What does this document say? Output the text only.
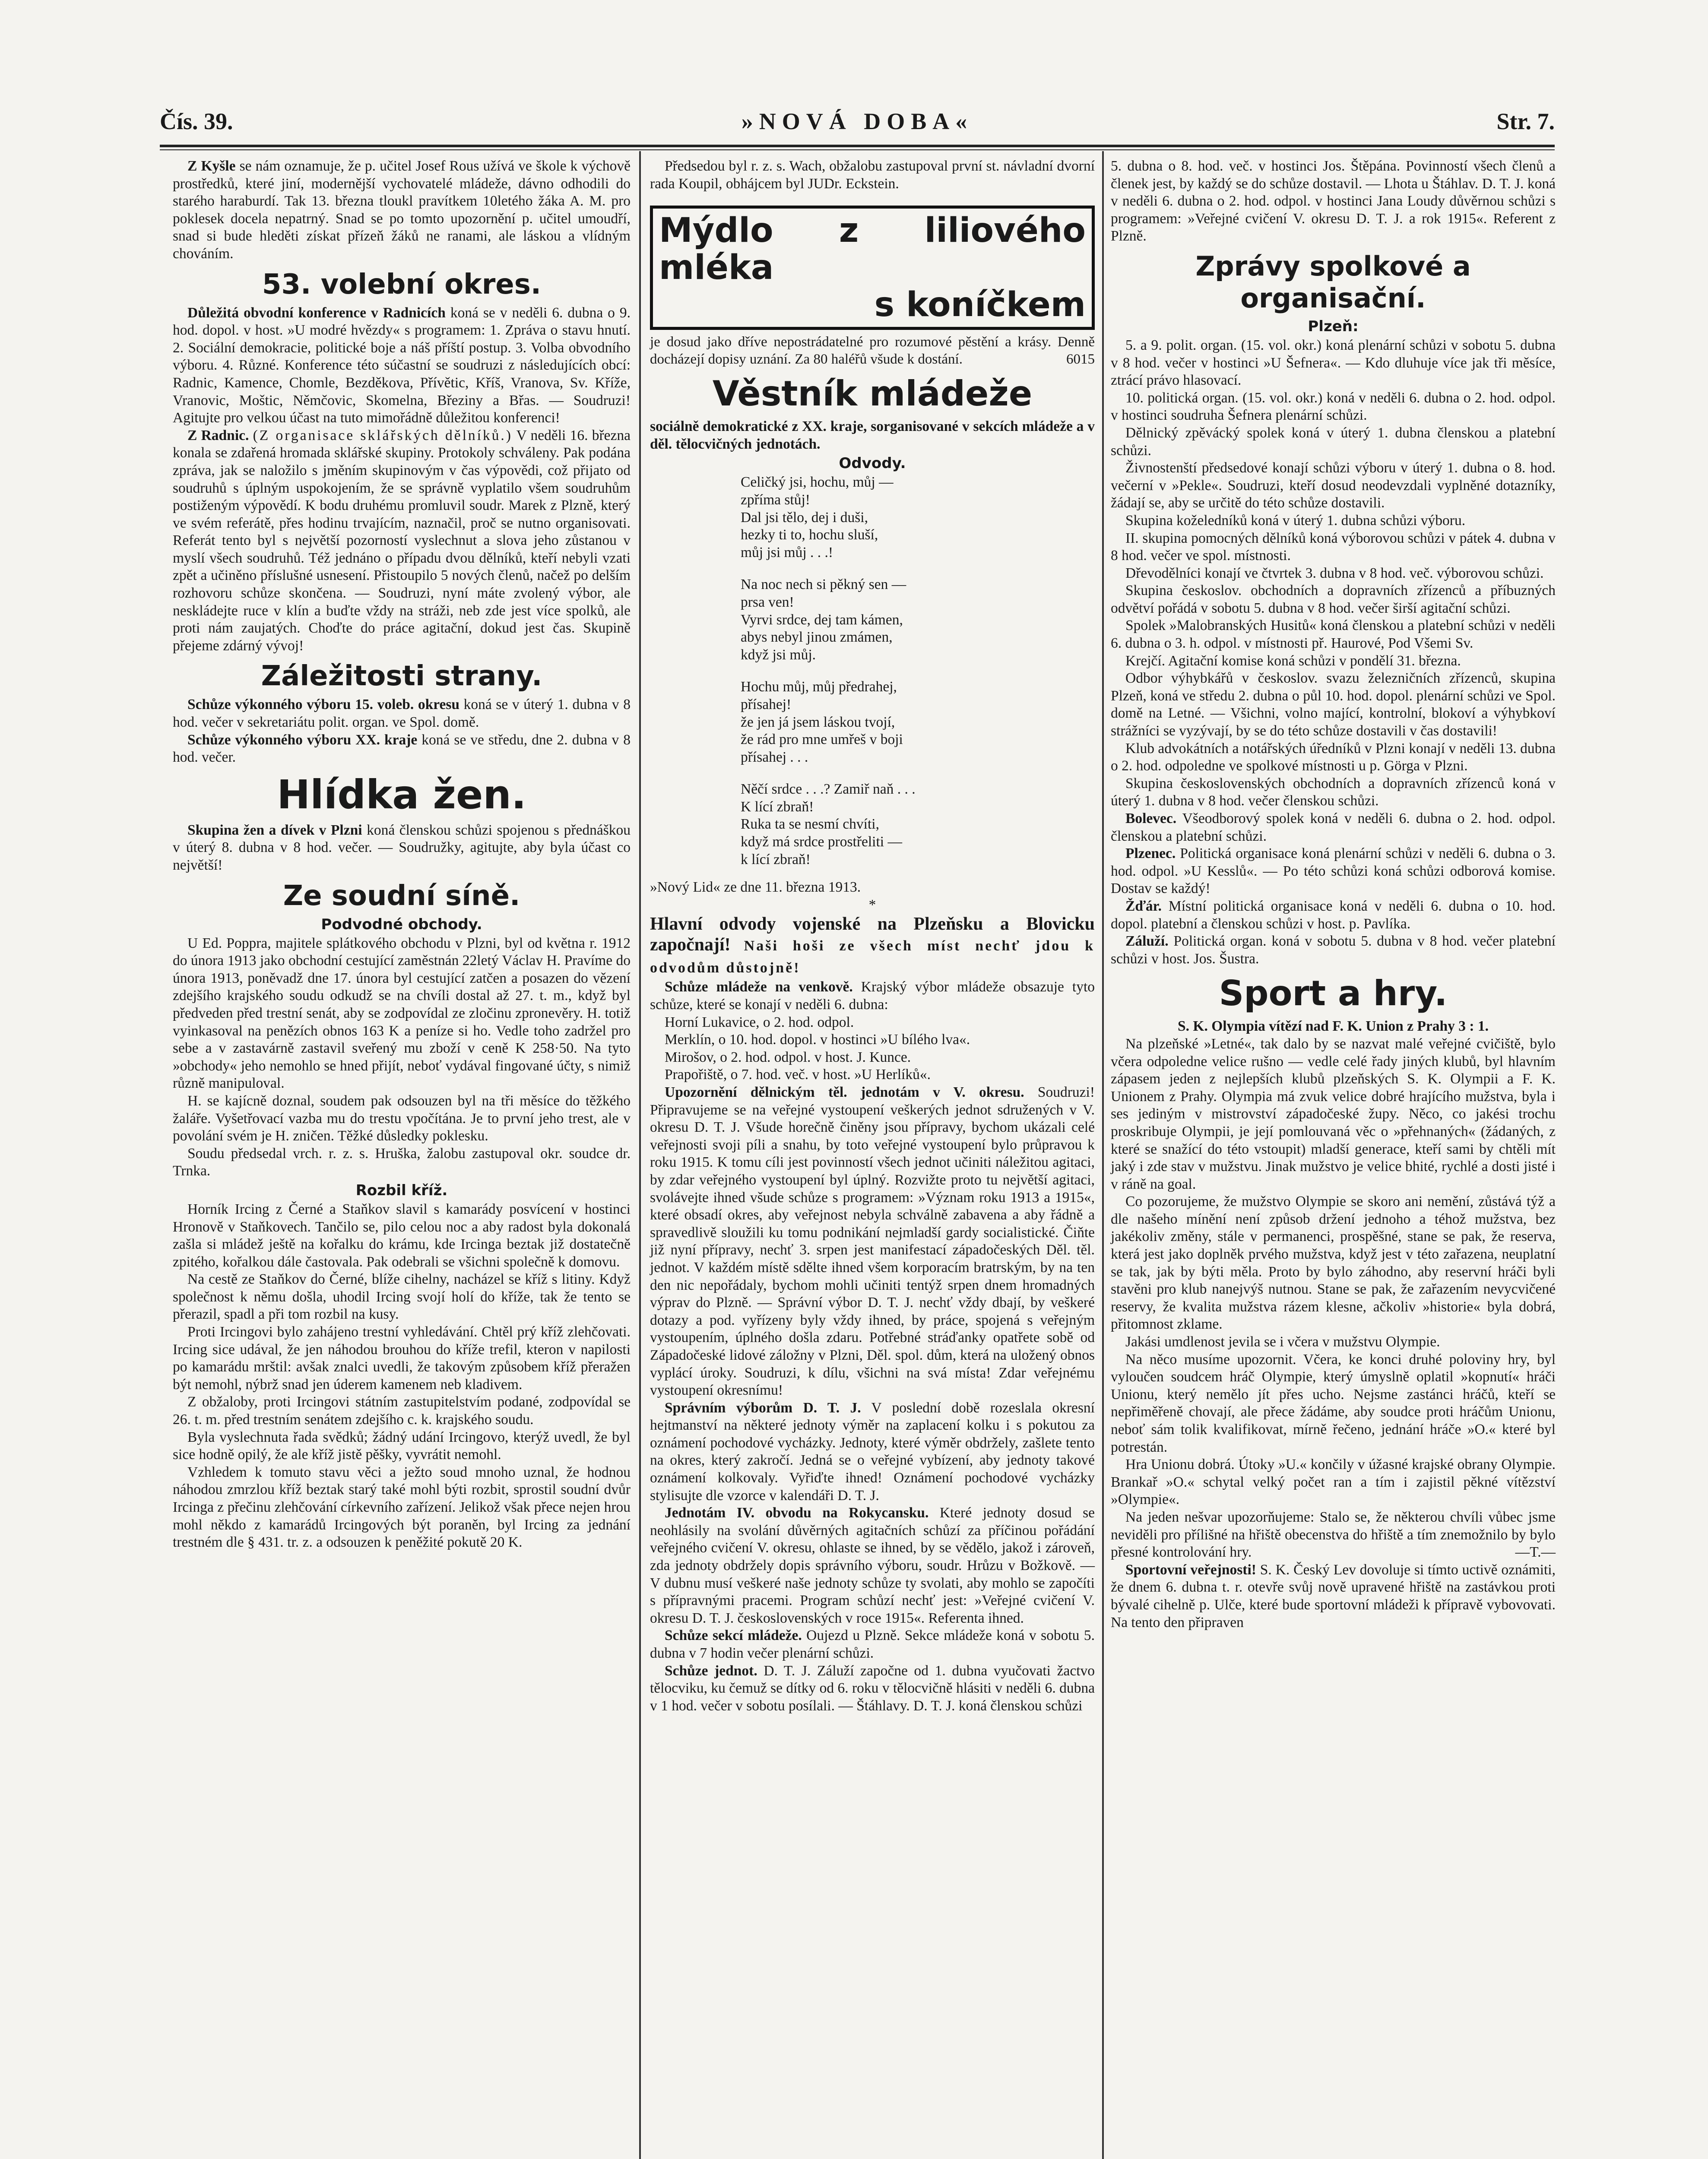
Čís. 39.	»NOVÁ DOBA«	Str. 7.

Z Kyšle se nám oznamuje, že p. učitel Josef Rous užívá ve škole k výchově prostředků, které jiní, modernější vychovatelé mládeže, dávno odhodili do starého haraburdí. Tak 13. března tloukl pravítkem 10letého žáka A. M. pro poklesek docela nepatrný. Snad se po tomto upozornění p. učitel umoudří, snad si bude hleděti získat přízeň žáků ne ranami, ale láskou a vlídným chováním.

53. volební okres.

Důležitá obvodní konference v Radnicích koná se v neděli 6. dubna o 9. hod. dopol. v host. »U modré hvězdy« s programem: 1. Zpráva o stavu hnutí. 2. Sociální demokracie, politické boje a náš příští postup. 3. Volba obvodního výboru. 4. Různé. Konference této súčastní se soudruzi z následujících obcí: Radnic, Kamence, Chomle, Bezděkova, Přívětic, Kříš, Vranova, Sv. Kříže, Vranovic, Moštic, Němčovic, Skomelna, Březiny a Břas. — Soudruzi! Agitujte pro velkou účast na tuto mimořádně důležitou konferenci!

Z Radnic. (Z organisace sklářských dělníků.) V neděli 16. března konala se zdařená hromada sklářské skupiny. Protokoly schváleny. Pak podána zpráva, jak se naložilo s jměním skupinovým v čas výpovědi, což přijato od soudruhů s úplným uspokojením, že se správně vyplatilo všem soudruhům postiženým výpovědí. K bodu druhému promluvil soudr. Marek z Plzně, který ve svém referátě, přes hodinu trvajícím, naznačil, proč se nutno organisovati. Referát tento byl s největší pozorností vyslechnut a slova jeho zůstanou v myslí všech soudruhů. Též jednáno o případu dvou dělníků, kteří nebyli vzati zpět a učiněno příslušné usnesení. Přistoupilo 5 nových členů, načež po delším rozhovoru schůze skončena. — Soudruzi, nyní máte zvolený výbor, ale neskládejte ruce v klín a buďte vždy na stráži, neb zde jest více spolků, ale proti nám zaujatých. Choďte do práce agitační, dokud jest čas. Skupině přejeme zdárný vývoj!

Záležitosti strany.

Schůze výkonného výboru 15. voleb. okresu koná se v úterý 1. dubna v 8 hod. večer v sekretariátu polit. organ. ve Spol. domě.

Schůze výkonného výboru XX. kraje koná se ve středu, dne 2. dubna v 8 hod. večer.

Hlídka žen.

Skupina žen a dívek v Plzni koná členskou schůzi spojenou s přednáškou v úterý 8. dubna v 8 hod. večer. — Soudružky, agitujte, aby byla účast co největší!

Ze soudní síně.
Podvodné obchody.

U Ed. Poppra, majitele splátkového obchodu v Plzni, byl od května r. 1912 do února 1913 jako obchodní cestující zaměstnán 22letý Václav H. Pravíme do února 1913, poněvadž dne 17. února byl cestující zatčen a posazen do vězení zdejšího krajského soudu odkudž se na chvíli dostal až 27. t. m., když byl předveden před trestní senát, aby se zodpovídal ze zločinu zpronevěry. H. totiž vyinkasoval na penězích obnos 163 K a peníze si ho. Vedle toho zadržel pro sebe a v zastavárně zastavil sveřený mu zboží v ceně K 258·50. Na tyto »obchody« jeho nemohlo se hned přijít, neboť vydával fingované účty, s nimiž různě manipuloval.

H. se kajícně doznal, soudem pak odsouzen byl na tři měsíce do těžkého žaláře. Vyšetřovací vazba mu do trestu vpočítána. Je to první jeho trest, ale v povolání svém je H. zničen. Těžké důsledky poklesku.

Soudu předsedal vrch. r. z. s. Hruška, žalobu zastupoval okr. soudce dr. Trnka.

Rozbil kříž.

Horník Ircing z Černé a Staňkov slavil s kamarády posvícení v hostinci Hronově v Staňkovech. Tančilo se, pilo celou noc a aby radost byla dokonalá zašla si mládež ještě na kořalku do krámu, kde Ircinga beztak již dostatečně zpitého, kořalkou dále častovala. Pak odebrali se všichni společně k domovu.

Na cestě ze Staňkov do Černé, blíže cihelny, nacházel se kříž s litiny. Když společnost k němu došla, uhodil Ircing svojí holí do kříže, tak že tento se přerazil, spadl a při tom rozbil na kusy.

Proti Ircingovi bylo zahájeno trestní vyhledávání. Chtěl prý kříž zlehčovati. Ircing sice udával, že jen náhodou brouhou do kříže trefil, kteron v napilosti po kamarádu mrštil: avšak znalci uvedli, že takovým způsobem kříž přeražen být nemohl, nýbrž snad jen úderem kamenem neb kladivem.

Z obžaloby, proti Ircingovi státním zastupitelstvím podané, zodpovídal se 26. t. m. před trestním senátem zdejšího c. k. krajského soudu.

Byla vyslechnuta řada svědků; žádný udání Ircingovo, kterýž uvedl, že byl sice hodně opilý, že ale kříž jistě pěšky, vyvrátit nemohl.

Vzhledem k tomuto stavu věci a ježto soud mnoho uznal, že hodnou náhodou zmrzlou kříž beztak starý také mohl býti rozbit, sprostil soudní dvůr Ircinga z přečinu zlehčování církevního zařízení. Jelikož však přece nejen hrou mohl někdo z kamarádů Ircingových být poraněn, byl Ircing za jednání trestném dle § 431. tr. z. a odsouzen k peněžité pokutě 20 K.

Předsedou byl r. z. s. Wach, obžalobu zastupoval první st. návladní dvorní rada Koupil, obhájcem byl JUDr. Eckstein.

Mýdlo z liliového mléka
s koníčkem

je dosud jako dříve nepostrádatelné pro rozumové pěstění a krásy. Denně docházejí dopisy uznání. Za 80 haléřů všude k dostání.	6015

Věstník mládeže

sociálně demokratické z XX. kraje, sorganisované v sekcích mládeže a v děl. tělocvičných jednotách.

Odvody.

Celičký jsi, hochu, můj —

zpříma stůj!

Dal jsi tělo, dej i duši,

hezky ti to, hochu sluší,

můj jsi můj . . .!

Na noc nech si pěkný sen —

prsa ven!

Vyrvi srdce, dej tam kámen,

abys nebyl jinou zmámen,

když jsi můj.

Hochu můj, můj předrahej,

přísahej!

že jen já jsem láskou tvojí,

že rád pro mne umřeš v boji

přísahej . . .

Něčí srdce . . .? Zamiř naň . . .

K lící zbraň!

Ruka ta se nesmí chvíti,

když má srdce prostřeliti —

k lící zbraň!

»Nový Lid« ze dne 11. března 1913.

*

Hlavní odvody vojenské na Plzeňsku a Blovicku započnají! Naši hoši ze všech míst nechť jdou k odvodům důstojně!

Schůze mládeže na venkově. Krajský výbor mládeže obsazuje tyto schůze, které se konají v neděli 6. dubna:

Horní Lukavice, o 2. hod. odpol.

Merklín, o 10. hod. dopol. v hostinci »U bílého lva«.

Mirošov, o 2. hod. odpol. v host. J. Kunce.

Prapořiště, o 7. hod. več. v host. »U Herlíků«.

Upozornění dělnickým těl. jednotám v V. okresu. Soudruzi! Připravujeme se na veřejné vystoupení veškerých jednot sdružených v V. okresu D. T. J. Všude horečně činěny jsou přípravy, bychom ukázali celé veřejnosti svoji píli a snahu, by toto veřejné vystoupení bylo průpravou k roku 1915. K tomu cíli jest povinností všech jednot učiniti náležitou agitaci, by zdar veřejného vystoupení byl úplný. Rozvižte proto tu největší agitaci, svolávejte ihned všude schůze s programem: »Význam roku 1913 a 1915«, které obsadí okres, aby veřejnost nebyla schválně zabavena a aby řádně a spravedlivě sloužili ku tomu podnikání nejmladší gardy socialistické. Čiňte již nyní přípravy, nechť 3. srpen jest manifestací západočeských Děl. těl. jednot. V každém místě sdělte ihned všem korporacím bratrským, by na ten den nic nepořádaly, bychom mohli učiniti tentýž srpen dnem hromadných výprav do Plzně. — Správní výbor D. T. J. nechť vždy dbají, by veškeré dotazy a pod. vyřízeny byly vždy ihned, by práce, spojená s veřejným vystoupením, úplného došla zdaru. Potřebné stráďanky opatřete sobě od Západočeské lidové záložny v Plzni, Děl. spol. dům, která na uložený obnos vyplácí úroky. Soudruzi, k dílu, všichni na svá místa! Zdar veřejnému vystoupení okresnímu!

Správním výborům D. T. J. V poslední době rozeslala okresní hejtmanství na některé jednoty výměr na zaplacení kolku i s pokutou za oznámení pochodové vycházky. Jednoty, které výměr obdržely, zašlete tento na okres, který zakročí. Jedná se o veřejné vybízení, aby jednoty takové oznámení kolkovaly. Vyřiďte ihned! Oznámení pochodové vycházky stylisujte dle vzorce v kalendáři D. T. J.

Jednotám IV. obvodu na Rokycansku. Které jednoty dosud se neohlásily na svolání důvěrných agitačních schůzí za příčinou pořádání veřejného cvičení V. okresu, ohlaste se ihned, by se vědělo, jakož i zároveň, zda jednoty obdržely dopis správního výboru, soudr. Hrůzu v Božkově. — V dubnu musí veškeré naše jednoty schůze ty svolati, aby mohlo se započíti s přípravnými pracemi. Program schůzí nechť jest: »Veřejné cvičení V. okresu D. T. J. československých v roce 1915«. Referenta ihned.

Schůze sekcí mládeže. Oujezd u Plzně. Sekce mládeže koná v sobotu 5. dubna v 7 hodin večer plenární schůzi.

Schůze jednot. D. T. J. Záluží započne od 1. dubna vyučovati žactvo tělocviku, ku čemuž se dítky od 6. roku v tělocvičně hlásiti v neděli 6. dubna v 1 hod. večer v sobotu posílali. — Štáhlavy. D. T. J. koná členskou schůzi

5. dubna o 8. hod. več. v hostinci Jos. Štěpána. Povinností všech členů a členek jest, by každý se do schůze dostavil. — Lhota u Štáhlav. D. T. J. koná v neděli 6. dubna o 2. hod. odpol. v hostinci Jana Loudy důvěrnou schůzi s programem: »Veřejné cvičení V. okresu D. T. J. a rok 1915«. Referent z Plzně.

Zprávy spolkové a organisační.
Plzeň:

5. a 9. polit. organ. (15. vol. okr.) koná plenární schůzi v sobotu 5. dubna v 8 hod. večer v hostinci »U Šefnera«. — Kdo dluhuje více jak tři měsíce, ztrácí právo hlasovací.

10. politická organ. (15. vol. okr.) koná v neděli 6. dubna o 2. hod. odpol. v hostinci soudruha Šefnera plenární schůzi.

Dělnický zpěvácký spolek koná v úterý 1. dubna členskou a platební schůzi.

Živnostenští předsedové konají schůzi výboru v úterý 1. dubna o 8. hod. večerní v »Pekle«. Soudruzi, kteří dosud neodevzdali vyplněné dotazníky, žádají se, aby se určitě do této schůze dostavili.

Skupina koželedníků koná v úterý 1. dubna schůzi výboru.

II. skupina pomocných dělníků koná výborovou schůzi v pátek 4. dubna v 8 hod. večer ve spol. místnosti.

Dřevodělníci konají ve čtvrtek 3. dubna v 8 hod. več. výborovou schůzi.

Skupina českoslov. obchodních a dopravních zřízenců a příbuzných odvětví pořádá v sobotu 5. dubna v 8 hod. večer širší agitační schůzi.

Spolek »Malobranských Husitů« koná členskou a platební schůzi v neděli 6. dubna o 3. h. odpol. v místnosti př. Haurové, Pod Všemi Sv.

Krejčí. Agitační komise koná schůzi v pondělí 31. března.

Odbor výhybkářů v českoslov. svazu železničních zřízenců, skupina Plzeň, koná ve středu 2. dubna o půl 10. hod. dopol. plenární schůzi ve Spol. domě na Letné. — Všichni, volno mající, kontrolní, blokoví a výhybkoví strážníci se vyzývají, by se do této schůze dostavili v čas dostavili!

Klub advokátních a notářských úředníků v Plzni konají v neděli 13. dubna o 2. hod. odpoledne ve spolkové místnosti u p. Görga v Plzni.

Skupina československých obchodních a dopravních zřízenců koná v úterý 1. dubna v 8 hod. večer členskou schůzi.

Bolevec. Všeodborový spolek koná v neděli 6. dubna o 2. hod. odpol. členskou a platební schůzi.

Plzenec. Politická organisace koná plenární schůzi v neděli 6. dubna o 3. hod. odpol. »U Kesslů«. — Po této schůzi koná schůzi odborová komise. Dostav se každý!

Žďár. Místní politická organisace koná v neděli 6. dubna o 10. hod. dopol. platební a členskou schůzi v host. p. Pavlíka.

Záluží. Politická organ. koná v sobotu 5. dubna v 8 hod. večer platební schůzi v host. Jos. Šustra.

Sport a hry.

S. K. Olympia vítězí nad F. K. Union z Prahy 3 : 1.

Na plzeňské »Letné«, tak dalo by se nazvat malé veřejné cvičiště, bylo včera odpoledne velice rušno — vedle celé řady jiných klubů, byl hlavním zápasem jeden z nejlepších klubů plzeňských S. K. Olympii a F. K. Unionem z Prahy. Olympia má zvuk velice dobré hrajícího mužstva, byla i ses jediným v mistrovství západočeské župy. Něco, co jakési trochu proskribuje Olympii, je její pomlouvaná věc o »přehnaných« (žádaných, z které se snažící do této vstoupit) mladší generace, kteří sami by chtěli mít jaký i zde stav v mužstvu. Jinak mužstvo je velice bhité, rychlé a dosti jisté i v ráně na goal.

Co pozorujeme, že mužstvo Olympie se skoro ani nemění, zůstává týž a dle našeho mínění není způsob držení jednoho a téhož mužstva, bez jakékoliv změny, stále v permanenci, prospěšné, stane se pak, že reserva, která jest jako doplněk prvého mužstva, když jest v této zařazena, neuplatní se tak, jak by býti měla. Proto by bylo záhodno, aby reservní hráči byli stavěni pro klub nanejvýš nutnou. Stane se pak, že zařazením nevycvičené reservy, že kvalita mužstva rázem klesne, ačkoliv »historie« byla dobrá, přitomnost zklame.

Jakási umdlenost jevila se i včera v mužstvu Olympie.

Na něco musíme upozornit. Včera, ke konci druhé poloviny hry, byl vyloučen soudcem hráč Olympie, který úmyslně oplatil »kopnutí« hráči Unionu, který nemělo jít přes ucho. Nejsme zastánci hráčů, kteří se nepřiměřeně chovají, ale přece žádáme, aby soudce proti hráčům Unionu, neboť sám tolik kvalifikovat, mírně řečeno, jednání hráče »O.« které byl potrestán.

Hra Unionu dobrá. Útoky »U.« končily v úžasné krajské obrany Olympie. Brankař »O.« schytal velký počet ran a tím i zajistil pěkné vítězství »Olympie«.

Na jeden nešvar upozorňujeme: Stalo se, že některou chvíli vůbec jsme neviděli pro přílišné na hřiště obecenstva do hřiště a tím znemožnilo by bylo přesné kontrolování hry.	—T.—

Sportovní veřejnosti! S. K. Český Lev dovoluje si tímto uctivě oznámiti, že dnem 6. dubna t. r. otevře svůj nově upravené hřiště na zastávkou proti bývalé cihelně p. Ulče, které bude sportovní mládeži k přípravě vybovovati. Na tento den připraven
